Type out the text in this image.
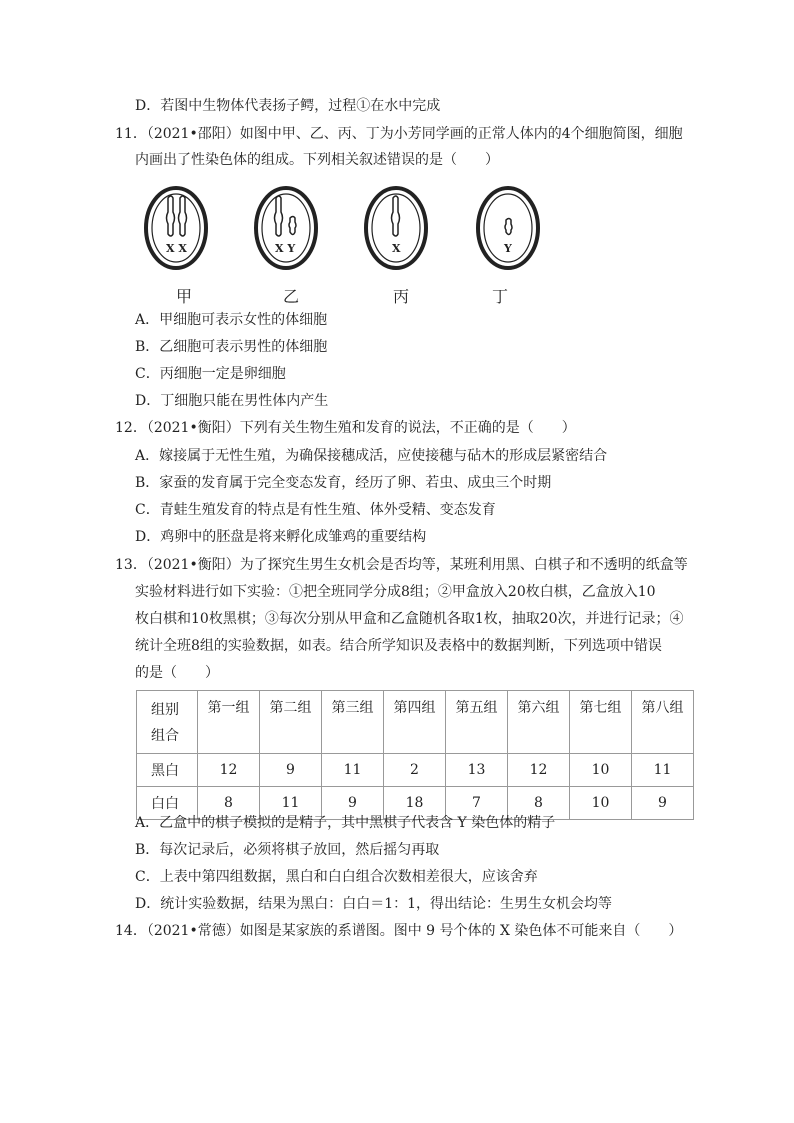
D．若图中生物体代表扬子鳄，过程①在水中完成
11．（2021•邵阳）如图中甲、乙、丙、丁为小芳同学画的正常人体内的4个细胞简图，细胞
内画出了性染色体的组成。下列相关叙述错误的是（　　）
X X	X Y	X	Y
甲	乙	丙	丁
A．甲细胞可表示女性的体细胞
B．乙细胞可表示男性的体细胞
C．丙细胞一定是卵细胞
D．丁细胞只能在男性体内产生
12．（2021•衡阳）下列有关生物生殖和发育的说法，不正确的是（　　）
A．嫁接属于无性生殖，为确保接穗成活，应使接穗与砧木的形成层紧密结合
B．家蚕的发育属于完全变态发育，经历了卵、若虫、成虫三个时期
C．青蛙生殖发育的特点是有性生殖、体外受精、变态发育
D．鸡卵中的胚盘是将来孵化成雏鸡的重要结构
13．（2021•衡阳）为了探究生男生女机会是否均等，某班利用黑、白棋子和不透明的纸盒等
实验材料进行如下实验：①把全班同学分成8组；②甲盒放入20枚白棋，乙盒放入10
枚白棋和10枚黑棋；③每次分别从甲盒和乙盒随机各取1枚，抽取20次，并进行记录；④
统计全班8组的实验数据，如表。结合所学知识及表格中的数据判断，下列选项中错误
的是（　　）
组别
组合	第一组	第二组	第三组	第四组	第五组	第六组	第七组	第八组
黑白	12	9	11	2	13	12	10	11
白白	8	11	9	18	7	8	10	9
A．乙盒中的棋子模拟的是精子，其中黑棋子代表含 Y 染色体的精子
B．每次记录后，必须将棋子放回，然后摇匀再取
C．上表中第四组数据，黑白和白白组合次数相差很大，应该舍弃
D．统计实验数据，结果为黑白：白白＝1：1，得出结论：生男生女机会均等
14．（2021•常德）如图是某家族的系谱图。图中 9 号个体的 X 染色体不可能来自（　　）
